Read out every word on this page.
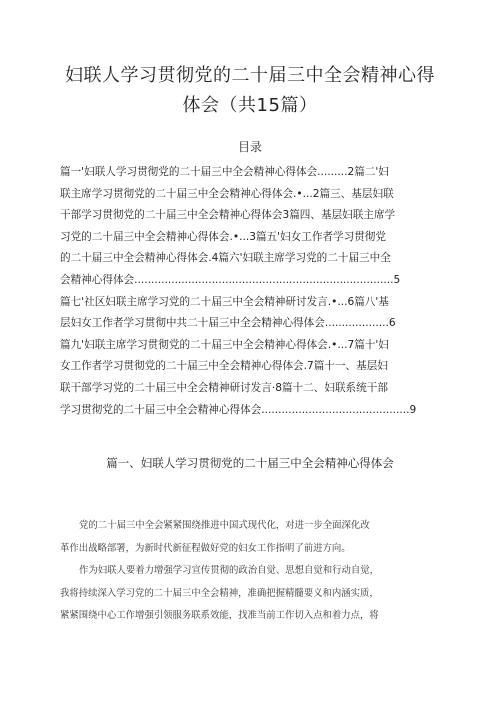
妇联人学习贯彻党的二十届三中全会精神心得
体会（共15篇）
目录
篇一'妇联人学习贯彻党的二十届三中全会精神心得体会.........2篇二'妇
联主席学习贯彻党的二十届三中全会精神心得体会.•...2篇三、基层妇联
干部学习贯彻党的二十届三中全会精神心得体会3篇四、基层妇联主席学
习党的二十届三中全会精神心得体会.•...3篇五'妇女工作者学习贯彻党
的二十届三中全会精神心得体会.4篇六'妇联主席学习党的二十届三中全
会精神心得体会.............................................................................5
篇七'社区妇联主席学习党的二十届三中全会精神研讨发言.•...6篇八'基
层妇女工作者学习贯彻中共二十届三中全会精神心得体会...................6
篇九'妇联主席学习贯彻党的二十届三中全会精神心得体会.•...7篇十'妇
女工作者学习贯彻党的二十届三中全会精神心得体会.7篇十一、基层妇
联干部学习党的二十届三中全会精神研讨发言·8篇十二、妇联系统干部
学习贯彻党的二十届三中全会精神心得体会............................................9
篇一、妇联人学习贯彻党的二十届三中全会精神心得体会
党的二十届三中全会紧紧围绕推进中国式现代化，对进一步全面深化改
革作出战略部署，为新时代新征程做好党的妇女工作指明了前进方向。
作为妇联人要着力增强学习宣传贯彻的政治自觉、思想自觉和行动自觉，
我将持续深入学习党的二十届三中全会精神，准确把握精髓要义和内涵实质，
紧紧围绕中心工作增强引领服务联系效能，找准当前工作切入点和着力点，将
